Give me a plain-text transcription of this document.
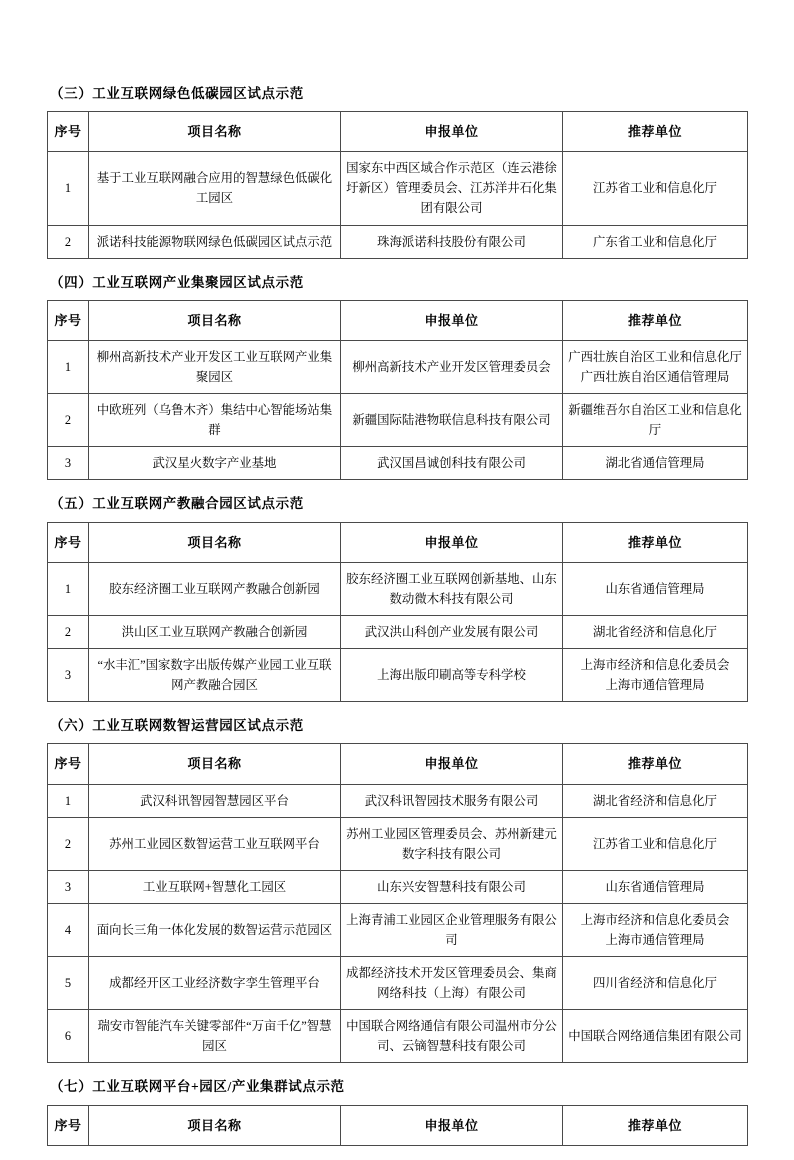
（三）工业互联网绿色低碳园区试点示范
序号	项目名称	申报单位	推荐单位
1	基于工业互联网融合应用的智慧绿色低碳化工园区	国家东中西区域合作示范区（连云港徐圩新区）管理委员会、江苏洋井石化集团有限公司	江苏省工业和信息化厅
2	派诺科技能源物联网绿色低碳园区试点示范	珠海派诺科技股份有限公司	广东省工业和信息化厅
（四）工业互联网产业集聚园区试点示范
序号	项目名称	申报单位	推荐单位
1	柳州高新技术产业开发区工业互联网产业集聚园区	柳州高新技术产业开发区管理委员会	广西壮族自治区工业和信息化厅
广西壮族自治区通信管理局

2	中欧班列（乌鲁木齐）集结中心智能场站集群	新疆国际陆港物联信息科技有限公司	新疆维吾尔自治区工业和信息化厅
3	武汉星火数字产业基地	武汉国昌诚创科技有限公司	湖北省通信管理局
（五）工业互联网产教融合园区试点示范
序号	项目名称	申报单位	推荐单位
1	胶东经济圈工业互联网产教融合创新园	胶东经济圈工业互联网创新基地、山东数动微木科技有限公司	山东省通信管理局
2	洪山区工业互联网产教融合创新园	武汉洪山科创产业发展有限公司	湖北省经济和信息化厅
3	“水丰汇”国家数字出版传媒产业园工业互联网产教融合园区	上海出版印刷高等专科学校	上海市经济和信息化委员会
上海市通信管理局
（六）工业互联网数智运营园区试点示范
序号	项目名称	申报单位	推荐单位
1	武汉科讯智园智慧园区平台	武汉科讯智园技术服务有限公司	湖北省经济和信息化厅
2	苏州工业园区数智运营工业互联网平台	苏州工业园区管理委员会、苏州新建元数字科技有限公司	江苏省工业和信息化厅
3	工业互联网+智慧化工园区	山东兴安智慧科技有限公司	山东省通信管理局
4	面向长三角一体化发展的数智运营示范园区	上海青浦工业园区企业管理服务有限公司	上海市经济和信息化委员会
上海市通信管理局

5	成都经开区工业经济数字孪生管理平台	成都经济技术开发区管理委员会、集商网络科技（上海）有限公司	四川省经济和信息化厅
6	瑞安市智能汽车关键零部件“万亩千亿”智慧园区	中国联合网络通信有限公司温州市分公司、云镝智慧科技有限公司	中国联合网络通信集团有限公司
（七）工业互联网平台+园区/产业集群试点示范
序号	项目名称	申报单位	推荐单位
